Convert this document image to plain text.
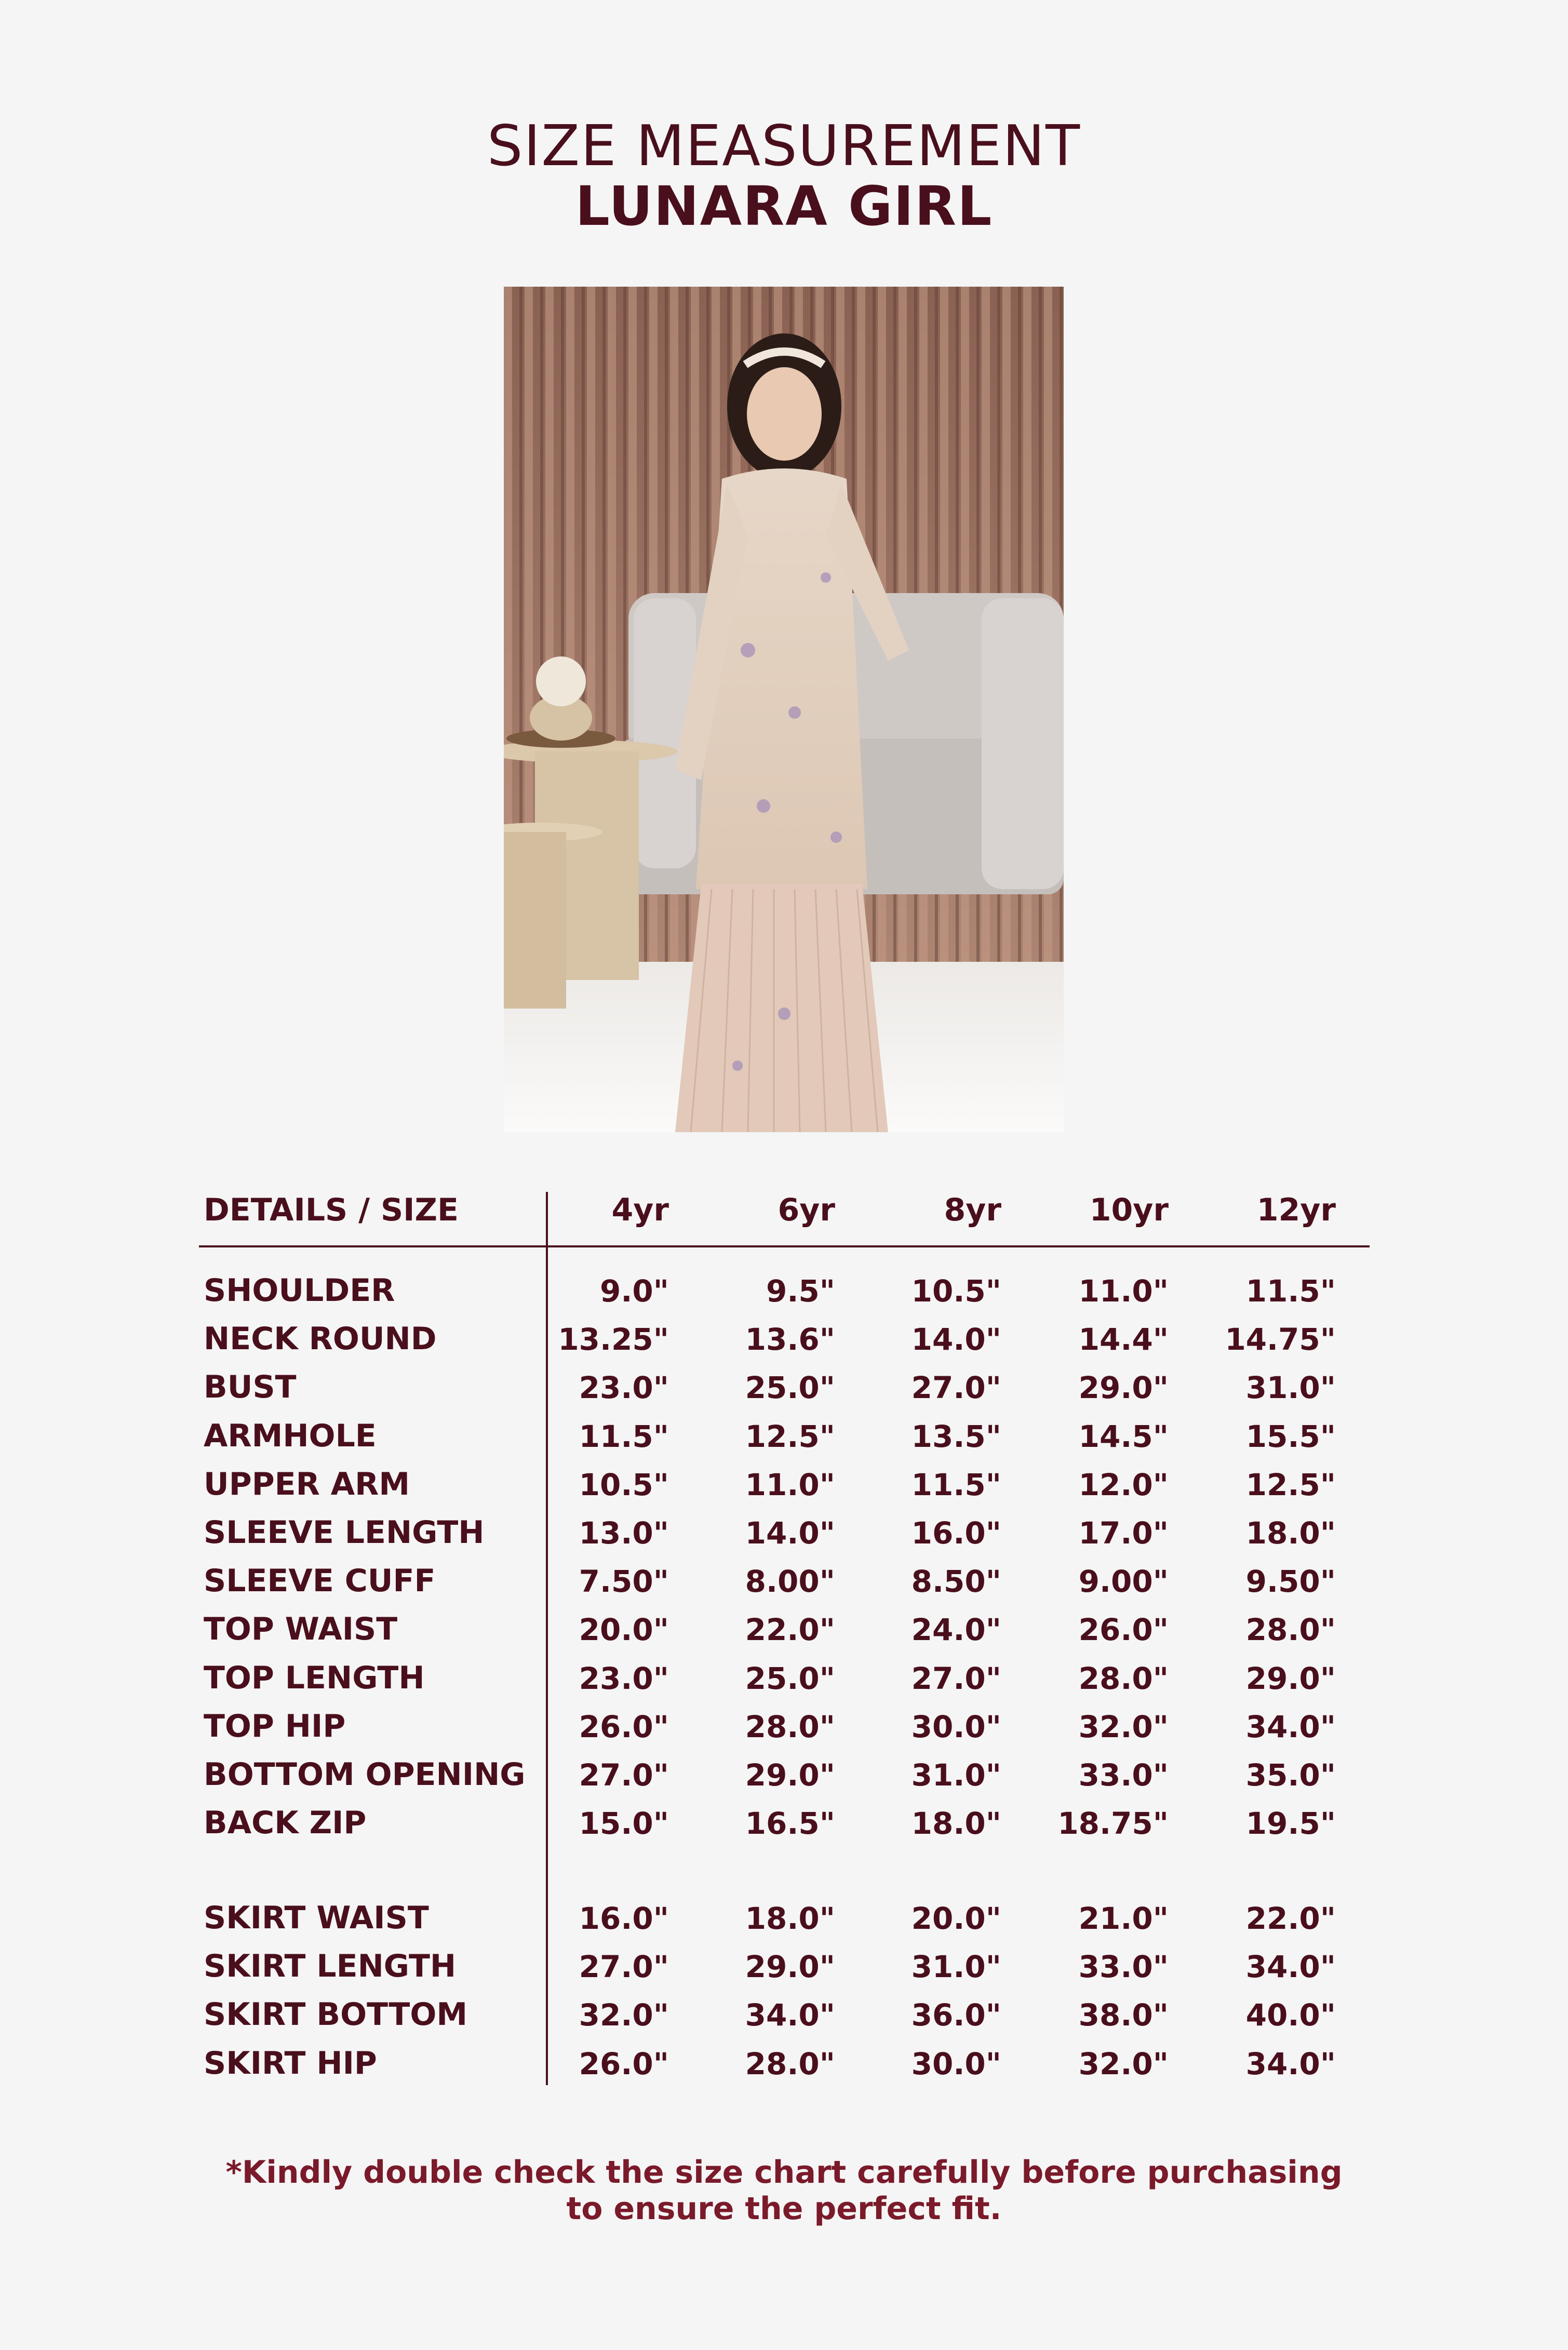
SIZE MEASUREMENT
LUNARA GIRL
DETAILS / SIZE	4yr	6yr	8yr	10yr	12yr
SHOULDER	9.0"	9.5"	10.5"	11.0"	11.5"
NECK ROUND	13.25"	13.6"	14.0"	14.4"	14.75"
BUST	23.0"	25.0"	27.0"	29.0"	31.0"
ARMHOLE	11.5"	12.5"	13.5"	14.5"	15.5"
UPPER ARM	10.5"	11.0"	11.5"	12.0"	12.5"
SLEEVE LENGTH	13.0"	14.0"	16.0"	17.0"	18.0"
SLEEVE CUFF	7.50"	8.00"	8.50"	9.00"	9.50"
TOP WAIST	20.0"	22.0"	24.0"	26.0"	28.0"
TOP LENGTH	23.0"	25.0"	27.0"	28.0"	29.0"
TOP HIP	26.0"	28.0"	30.0"	32.0"	34.0"
BOTTOM OPENING	27.0"	29.0"	31.0"	33.0"	35.0"
BACK ZIP	15.0"	16.5"	18.0"	18.75"	19.5"
SKIRT WAIST	16.0"	18.0"	20.0"	21.0"	22.0"
SKIRT LENGTH	27.0"	29.0"	31.0"	33.0"	34.0"
SKIRT BOTTOM	32.0"	34.0"	36.0"	38.0"	40.0"
SKIRT HIP	26.0"	28.0"	30.0"	32.0"	34.0"
*Kindly double check the size chart carefully before purchasing
to ensure the perfect fit.
